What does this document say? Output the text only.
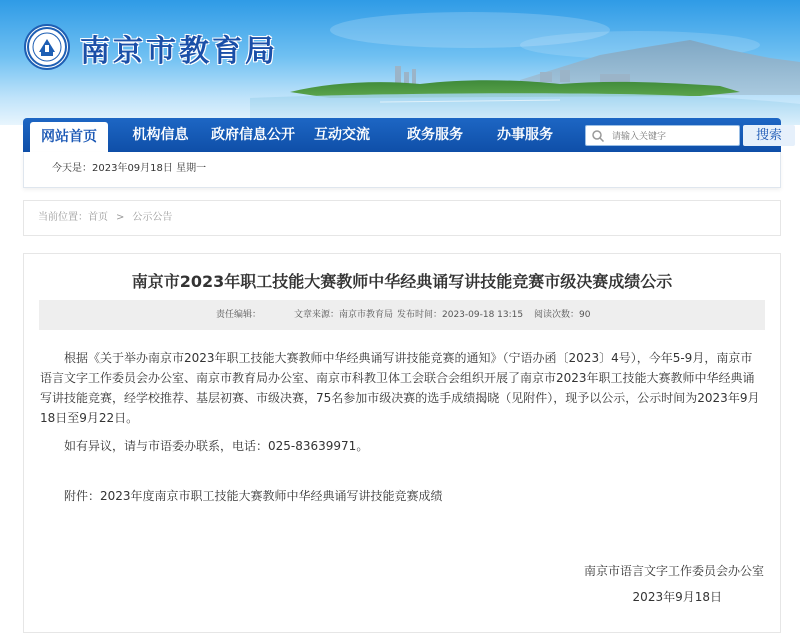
南京市教育局
网站首页	机构信息	政府信息公开	互动交流	政务服务	办事服务
请输入关键字	搜索
今天是：2023年09月18日 星期一
当前位置：首页 > 公示公告
南京市2023年职工技能大赛教师中华经典诵写讲技能竞赛市级决赛成绩公示
责任编辑：	文章来源：南京市教育局 发布时间：2023-09-18 13:15 阅读次数：90

根据《关于举办南京市2023年职工技能大赛教师中华经典诵写讲技能竞赛的通知》（宁语办函〔2023〕4号），今年5-9月，南京市语言文字工作委员会办公室、南京市教育局办公室、南京市科教卫体工会联合会组织开展了南京市2023年职工技能大赛教师中华经典诵写讲技能竞赛，经学校推荐、基层初赛、市级决赛，75名参加市级决赛的选手成绩揭晓（见附件），现予以公示，公示时间为2023年9月18日至9月22日。

如有异议，请与市语委办联系，电话：025-83639971。

附件：2023年度南京市职工技能大赛教师中华经典诵写讲技能竞赛成绩

南京市语言文字工作委员会办公室
2023年9月18日
